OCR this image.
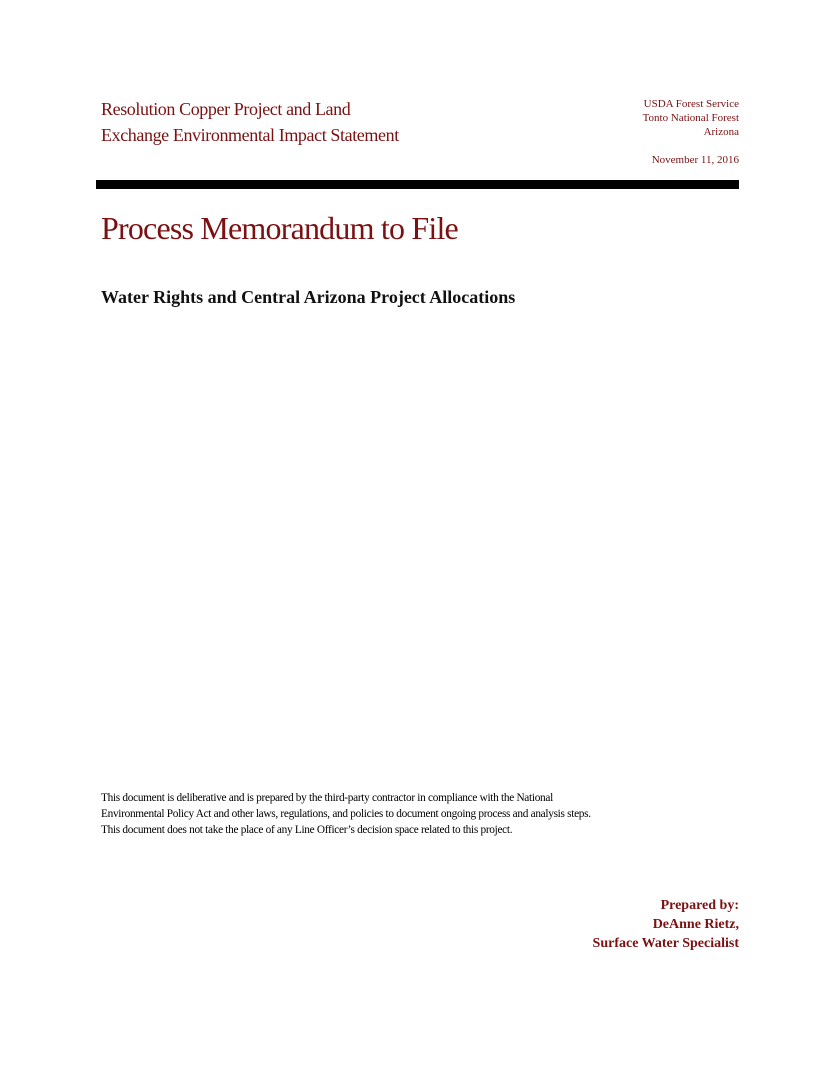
Resolution Copper Project and Land
Exchange Environmental Impact Statement
USDA Forest Service
Tonto National Forest
Arizona
November 11, 2016
Process Memorandum to File
Water Rights and Central Arizona Project Allocations
This document is deliberative and is prepared by the third-party contractor in compliance with the National
Environmental Policy Act and other laws, regulations, and policies to document ongoing process and analysis steps.
This document does not take the place of any Line Officer’s decision space related to this project.
Prepared by:
DeAnne Rietz,
Surface Water Specialist
